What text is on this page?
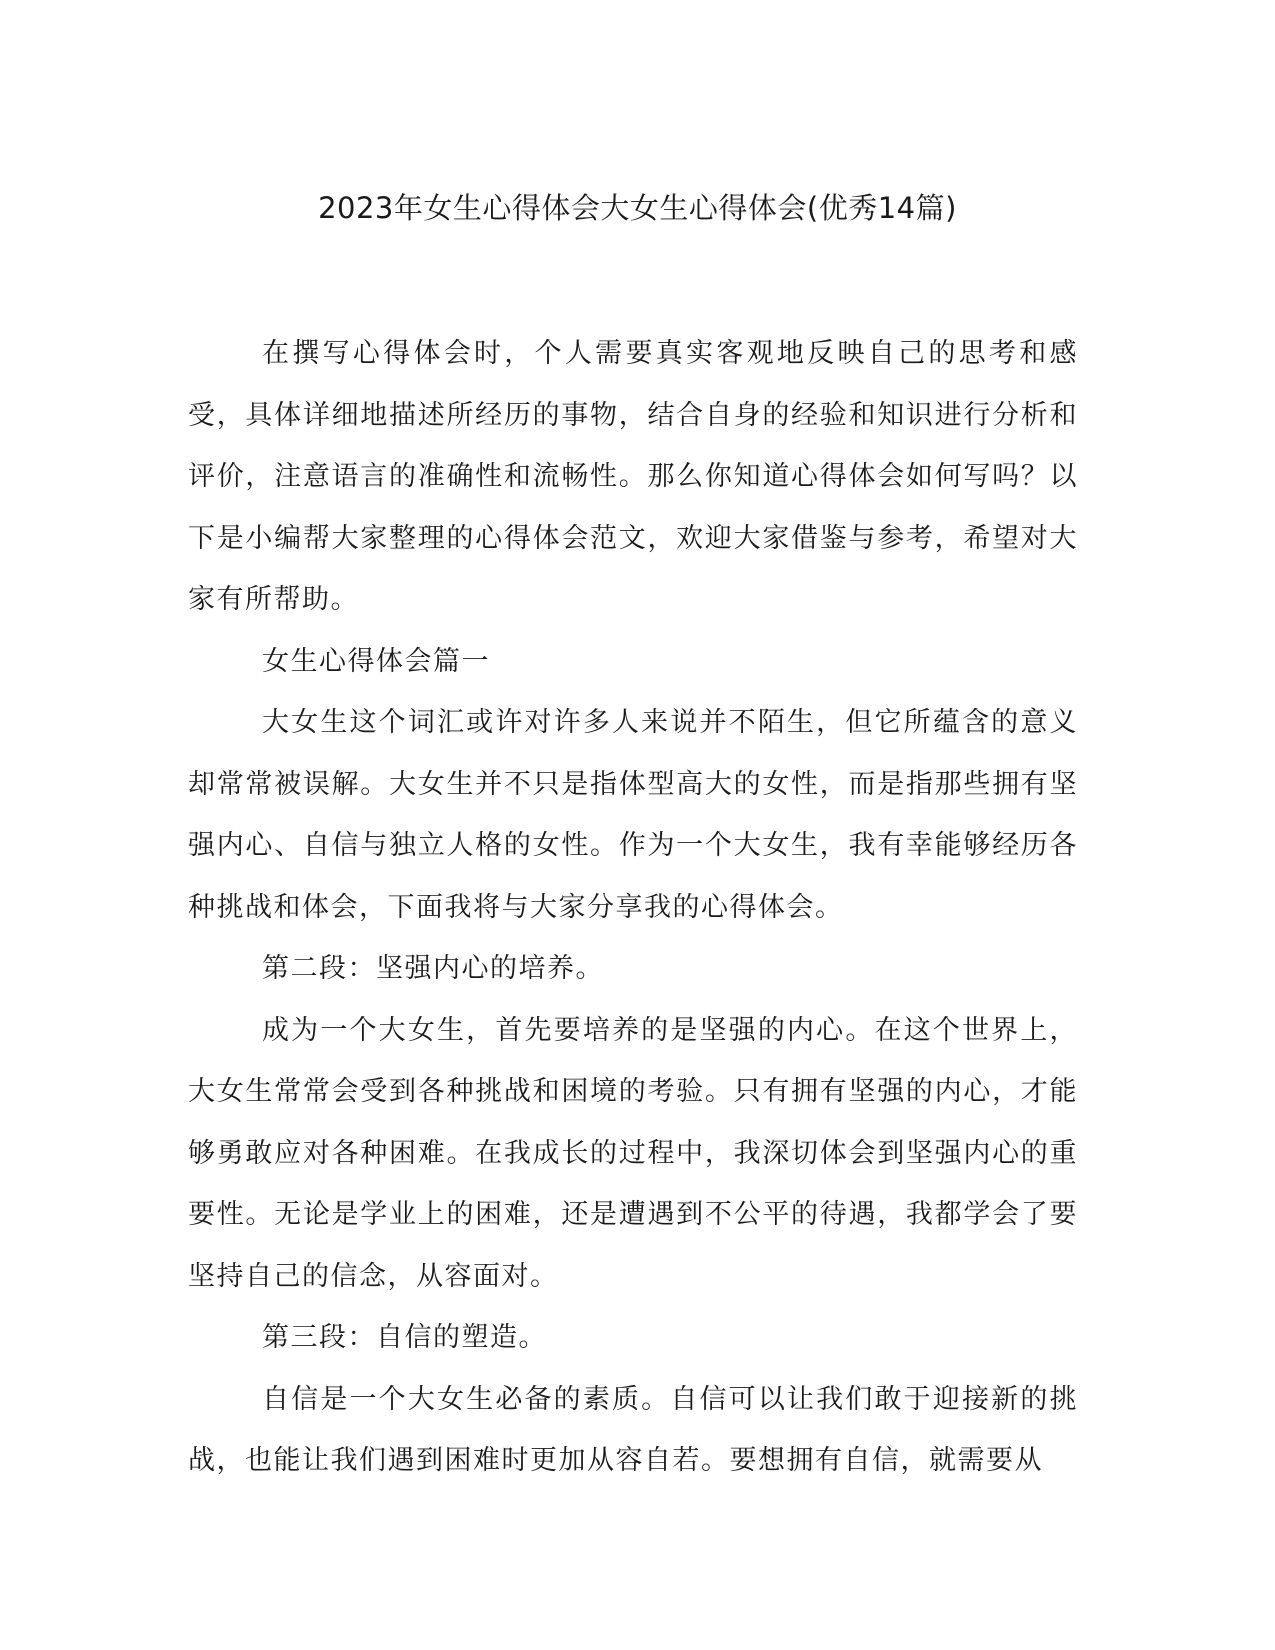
2023年女生心得体会大女生心得体会(优秀14篇)

在撰写心得体会时，个人需要真实客观地反映自己的思考和感受，具体详细地描述所经历的事物，结合自身的经验和知识进行分析和评价，注意语言的准确性和流畅性。那么你知道心得体会如何写吗？以下是小编帮大家整理的心得体会范文，欢迎大家借鉴与参考，希望对大家有所帮助。

女生心得体会篇一

大女生这个词汇或许对许多人来说并不陌生，但它所蕴含的意义却常常被误解。大女生并不只是指体型高大的女性，而是指那些拥有坚强内心、自信与独立人格的女性。作为一个大女生，我有幸能够经历各种挑战和体会，下面我将与大家分享我的心得体会。

第二段：坚强内心的培养。

成为一个大女生，首先要培养的是坚强的内心。在这个世界上，大女生常常会受到各种挑战和困境的考验。只有拥有坚强的内心，才能够勇敢应对各种困难。在我成长的过程中，我深切体会到坚强内心的重要性。无论是学业上的困难，还是遭遇到不公平的待遇，我都学会了要坚持自己的信念，从容面对。

第三段：自信的塑造。

自信是一个大女生必备的素质。自信可以让我们敢于迎接新的挑战，也能让我们遇到困难时更加从容自若。要想拥有自信，就需要从
